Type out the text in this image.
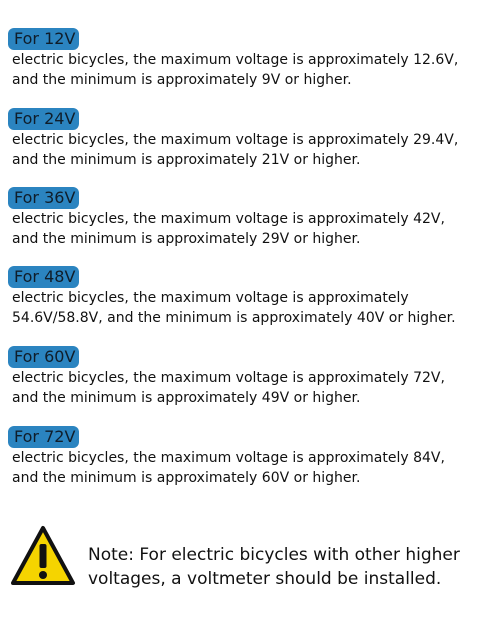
For 12V

electric bicycles, the maximum voltage is approximately 12.6V, and the minimum is approximately 9V or higher.

For 24V

electric bicycles, the maximum voltage is approximately 29.4V, and the minimum is approximately 21V or higher.

For 36V

electric bicycles, the maximum voltage is approximately 42V, and the minimum is approximately 29V or higher.

For 48V

electric bicycles, the maximum voltage is approximately 54.6V/58.8V, and the minimum is approximately 40V or higher.

For 60V

electric bicycles, the maximum voltage is approximately 72V, and the minimum is approximately 49V or higher.

For 72V

electric bicycles, the maximum voltage is approximately 84V, and the minimum is approximately 60V or higher.

Note: For electric bicycles with other higher voltages, a voltmeter should be installed.
